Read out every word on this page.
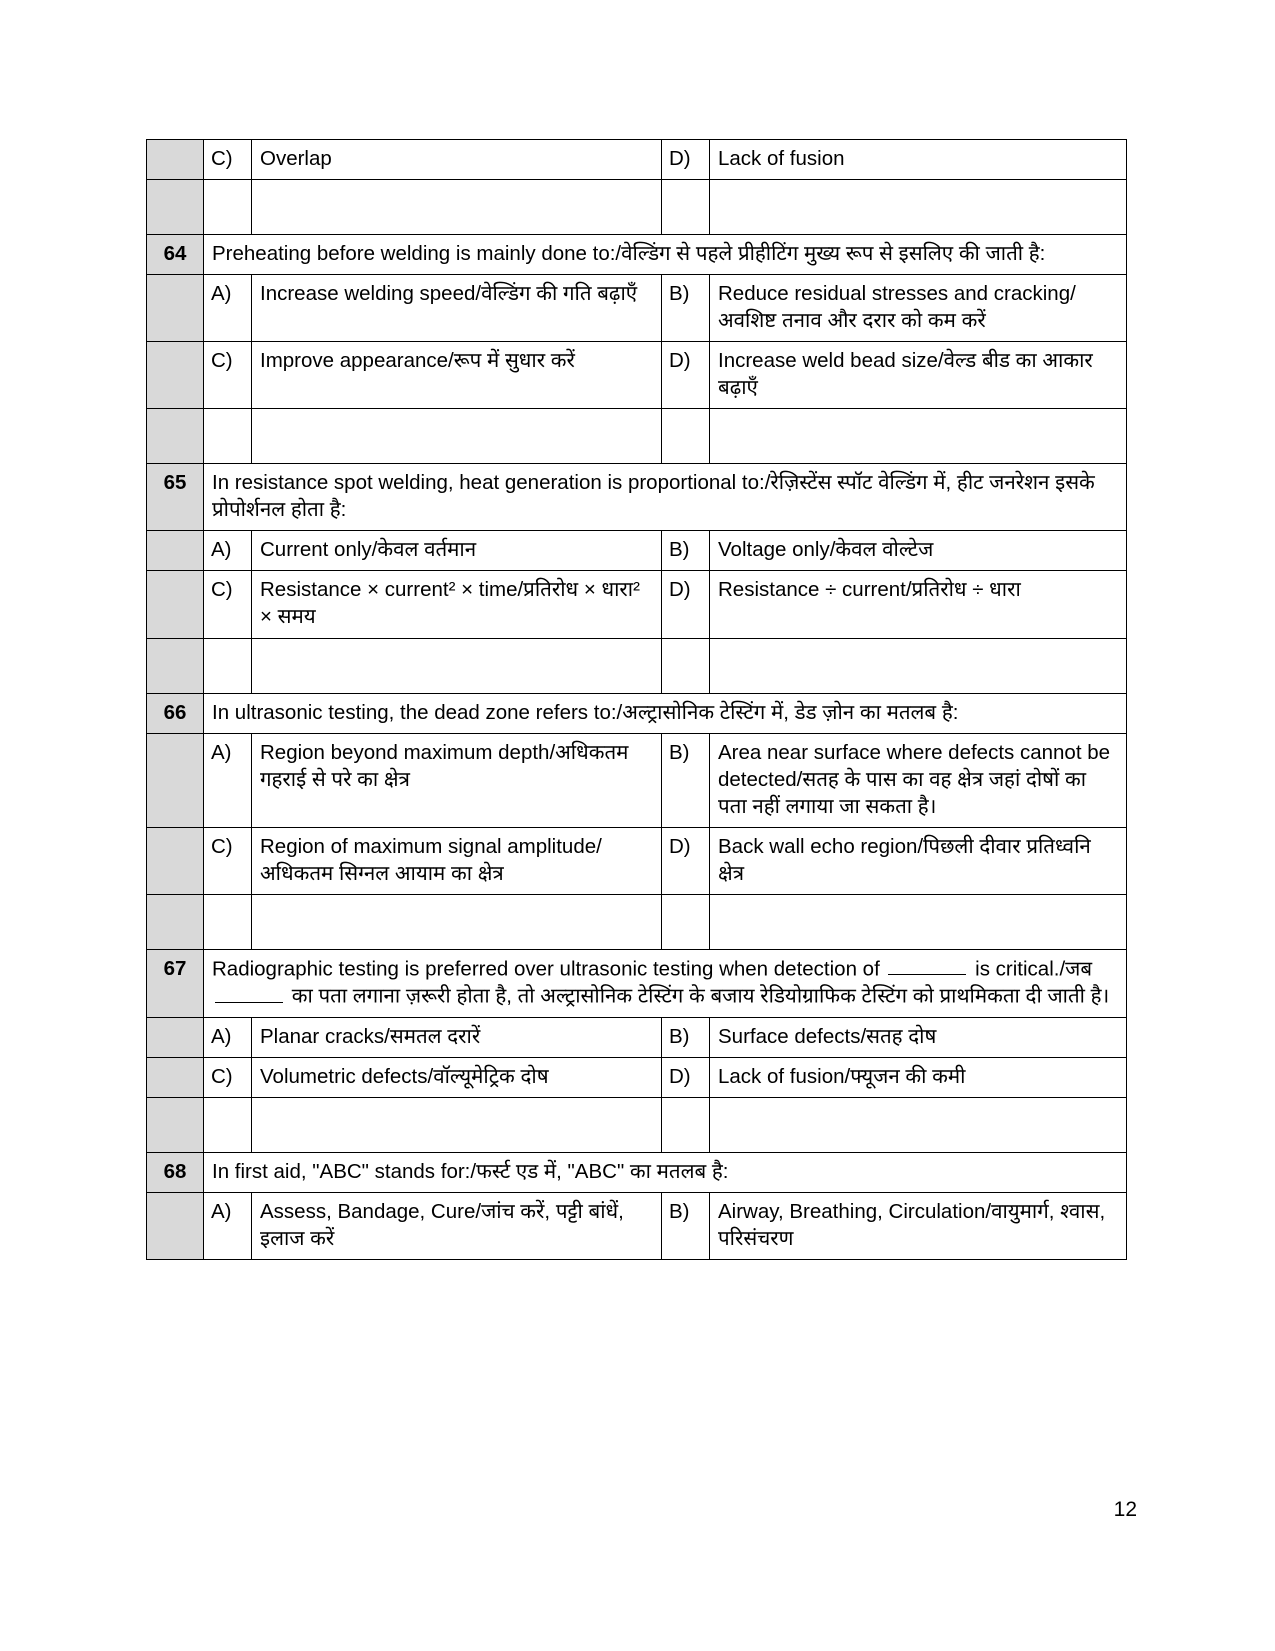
	C)	Overlap	D)	Lack of fusion

64	Preheating before welding is mainly done to:/वेल्डिंग से पहले प्रीहीटिंग मुख्य रूप से इसलिए की जाती है:			
	A)	Increase welding speed/वेल्डिंग की गति बढ़ाएँ	B)	Reduce residual stresses and cracking/अवशिष्ट तनाव और दरार को कम करें
	C)	Improve appearance/रूप में सुधार करें	D)	Increase weld bead size/वेल्ड बीड का आकार बढ़ाएँ

65	In resistance spot welding, heat generation is proportional to:/रेज़िस्टेंस स्पॉट वेल्डिंग में, हीट जनरेशन इसके प्रोपोर्शनल होता है:			
	A)	Current only/केवल वर्तमान	B)	Voltage only/केवल वोल्टेज
	C)	Resistance × current² × time/प्रतिरोध × धारा² × समय	D)	Resistance ÷ current/प्रतिरोध ÷ धारा

66	In ultrasonic testing, the dead zone refers to:/अल्ट्रासोनिक टेस्टिंग में, डेड ज़ोन का मतलब है:			
	A)	Region beyond maximum depth/अधिकतम गहराई से परे का क्षेत्र	B)	Area near surface where defects cannot be detected/सतह के पास का वह क्षेत्र जहां दोषों का पता नहीं लगाया जा सकता है।
	C)	Region of maximum signal amplitude/अधिकतम सिग्नल आयाम का क्षेत्र	D)	Back wall echo region/पिछली दीवार प्रतिध्वनि क्षेत्र

67	Radiographic testing is preferred over ultrasonic testing when detection of is critical./जब  का पता लगाना ज़रूरी होता है, तो अल्ट्रासोनिक टेस्टिंग के बजाय रेडियोग्राफिक टेस्टिंग को प्राथमिकता दी जाती है।			
	A)	Planar cracks/समतल दरारें	B)	Surface defects/सतह दोष
	C)	Volumetric defects/वॉल्यूमेट्रिक दोष	D)	Lack of fusion/फ्यूजन की कमी

68	In first aid, "ABC" stands for:/फर्स्ट एड में, "ABC" का मतलब है:			
	A)	Assess, Bandage, Cure/जांच करें, पट्टी बांधें, इलाज करें	B)	Airway, Breathing, Circulation/वायुमार्ग, श्वास, परिसंचरण
12
